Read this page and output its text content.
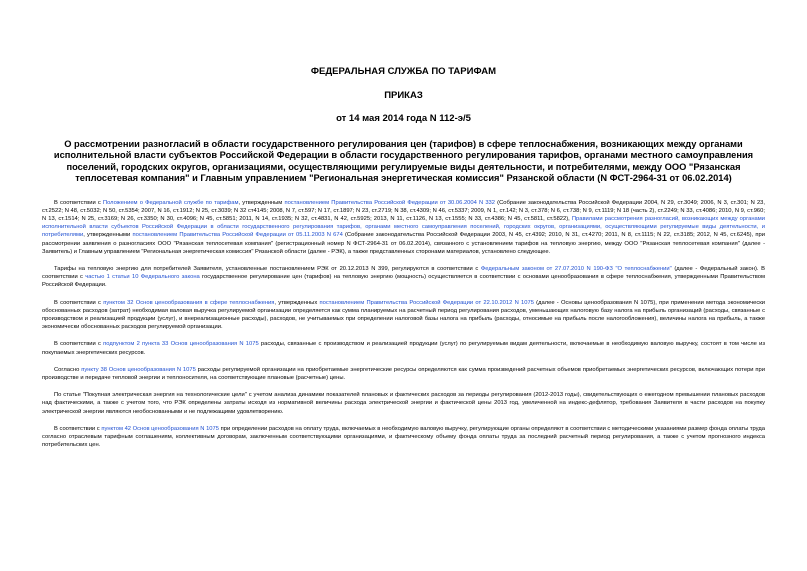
ФЕДЕРАЛЬНАЯ СЛУЖБА ПО ТАРИФАМ

ПРИКАЗ

от 14 мая 2014 года N 112-э/5

О рассмотрении разногласий в области государственного регулирования цен (тарифов) в сфере теплоснабжения, возникающих между органами исполнительной власти субъектов Российской Федерации в области государственного регулирования тарифов, органами местного самоуправления поселений, городских округов, организациями, осуществляющими регулируемые виды деятельности, и потребителями, между ООО "Рязанская теплосетевая компания" и Главным управлением "Региональная энергетическая комиссия" Рязанской области (N ФСТ-2964-31 от 06.02.2014)

В соответствии с Положением о Федеральной службе по тарифам, утвержденным постановлением Правительства Российской Федерации от 30.06.2004 N 332 (Собрание законодательства Российской Федерации 2004, N 29, ст.3049; 2006, N 3, ст.301; N 23, ст.2522; N 48, ст.5032; N 50, ст.5354; 2007, N 16, ст.1912; N 25, ст.3039; N 32 ст4145; 2008, N 7, ст.597; N 17, ст.1897; N 23, ст.2719; N 38, ст.4309; N 46, ст.5337; 2009, N 1, ст.142; N 3, ст.378; N 6, ст.738; N 9, ст.1119; N 18 (часть 2), ст.2249; N 33, ст.4086; 2010, N 9, ст.960; N 13, ст.1514; N 25, ст.3169; N 26, ст.3350; N 30, ст.4096; N 45, ст.5851; 2011, N 14, ст.1935; N 32, ст.4831, N 42, ст.5925; 2013, N 11, ст.1126, N 13, ст.1555; N 33, ст.4386; N 45, ст.5811, ст.5822), Правилами рассмотрения разногласий, возникающих между органами исполнительной власти субъектов Российской Федерации в области государственного регулирования тарифов, органами местного самоуправления поселений, городских округов, организациями, осуществляющими регулируемые виды деятельности, и потребителями, утвержденными постановлением Правительства Российской Федерации от 05.11.2003 N 674 (Собрание законодательства Российской Федерации 2003, N 45, ст.4392; 2010, N 31, ст.4270; 2011, N 8, ст.1115; N 22, ст.3185; 2012, N 45, ст.6245), при рассмотрении заявления о разногласиях ООО "Рязанская теплосетевая компания" (регистрационный номер N ФСТ-2964-31 от 06.02.2014), связанного с установлением тарифов на тепловую энергию, между ООО "Рязанская теплосетевая компания" (далее - Заявитель) и Главным управлением "Региональная энергетическая комиссия" Рязанской области (далее - РЭК), а также представленных сторонами материалов, установлено следующее.

Тарифы на тепловую энергию для потребителей Заявителя, установленные постановлением РЭК от 20.12.2013 N 399, регулируются в соответствии с Федеральным законом от 27.07.2010 N 190-ФЗ "О теплоснабжении" (далее - Федеральный закон). В соответствии с частью 1 статьи 10 Федерального закона государственное регулирование цен (тарифов) на тепловую энергию (мощность) осуществляется в соответствии с основами ценообразования в сфере теплоснабжения, утвержденными Правительством Российской Федерации.

В соответствии с пунктом 32 Основ ценообразования в сфере теплоснабжения, утвержденных постановлением Правительства Российской Федерации от 22.10.2012 N 1075 (далее - Основы ценообразования N 1075), при применении метода экономически обоснованных расходов (затрат) необходимая валовая выручка регулируемой организации определяется как сумма планируемых на расчетный период регулирования расходов, уменьшающих налоговую базу налога на прибыль организаций (расходы, связанные с производством и реализацией продукции (услуг), и внереализационные расходы), расходов, не учитываемых при определении налоговой базы налога на прибыль (расходы, относимые на прибыль после налогообложения), величины налога на прибыль, а также экономически обоснованных расходов регулируемой организации.

В соответствии с подпунктом 2 пункта 33 Основ ценообразования N 1075 расходы, связанные с производством и реализацией продукции (услуг) по регулируемым видам деятельности, включаемые в необходимую валовую выручку, состоят в том числе из покупаемых энергетических ресурсов.

Согласно пункту 38 Основ ценообразования N 1075 расходы регулируемой организации на приобретаемые энергетические ресурсы определяются как сумма произведений расчетных объемов приобретаемых энергетических ресурсов, включающих потери при производстве и передаче тепловой энергии и теплоносителя, на соответствующие плановые (расчетные) цены.

По статье "Покупная электрическая энергия на технологические цели" с учетом анализа динамики показателей плановых и фактических расходов за периоды регулирования (2012-2013 годы), свидетельствующих о ежегодном превышении плановых расходов над фактическими, а также с учетом того, что РЭК определены затраты исходя из нормативной величины расхода электрической энергии и фактической цены 2013 год, увеличенной на индекс-дефлятор, требования Заявителя в части расходов на покупку электрической энергии являются необоснованными и не подлежащими удовлетворению.

В соответствии с пунктом 42 Основ ценообразования N 1075 при определении расходов на оплату труда, включаемых в необходимую валовую выручку, регулирующие органы определяют в соответствии с методическими указаниями размер фонда оплаты труда согласно отраслевым тарифным соглашениям, коллективным договорам, заключенным соответствующими организациями, и фактическому объему фонда оплаты труда за последний расчетный период регулирования, а также с учетом прогнозного индекса потребительских цен.
